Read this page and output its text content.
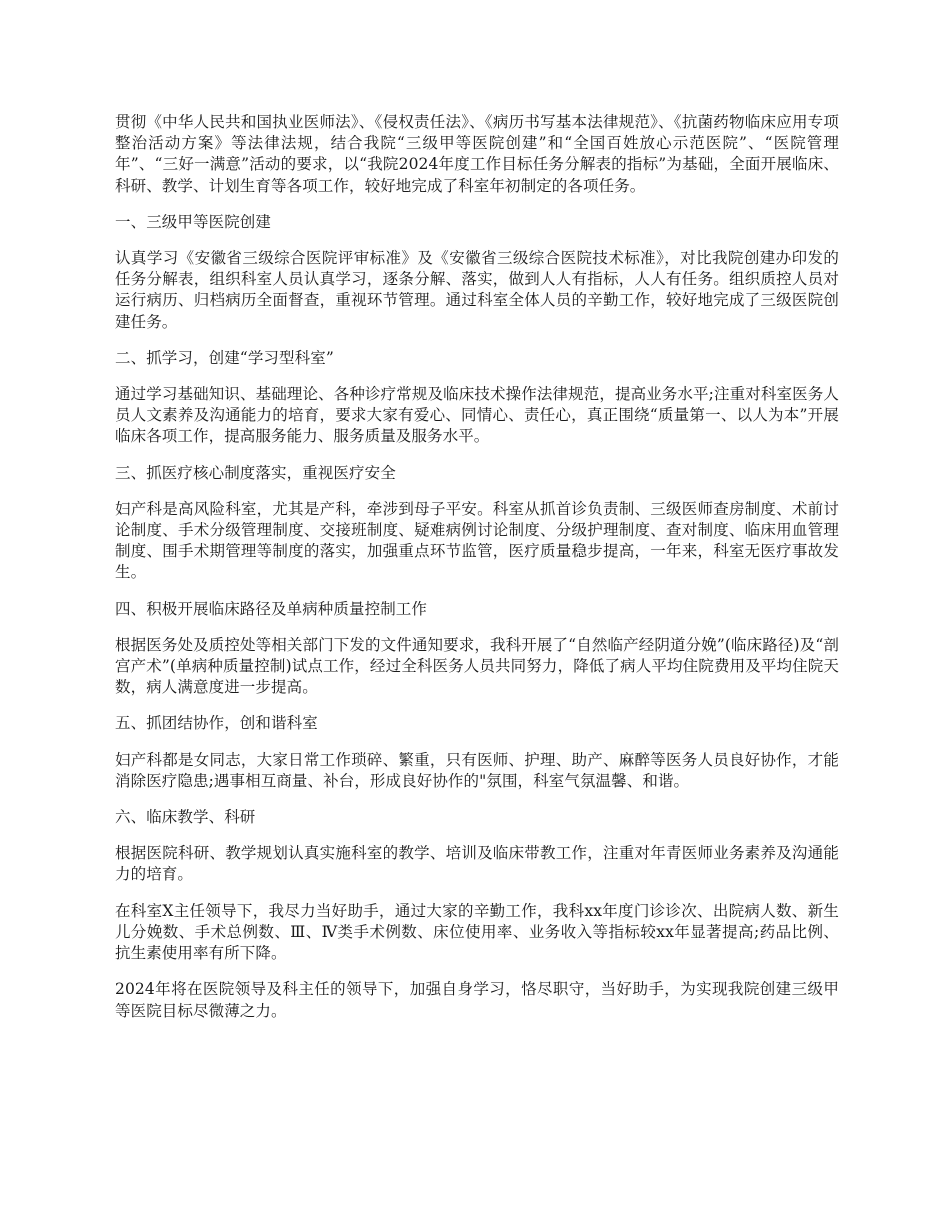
贯彻《中华人民共和国执业医师法》、《侵权责任法》、《病历书写基本法律规范》、《抗菌药物临床应用专项整治活动方案》等法律法规，结合我院“三级甲等医院创建”和“全国百姓放心示范医院”、“医院管理年”、“三好一满意”活动的要求，以“我院2024年度工作目标任务分解表的指标”为基础，全面开展临床、科研、教学、计划生育等各项工作，较好地完成了科室年初制定的各项任务。

一、三级甲等医院创建

认真学习《安徽省三级综合医院评审标准》及《安徽省三级综合医院技术标准》，对比我院创建办印发的任务分解表，组织科室人员认真学习，逐条分解、落实，做到人人有指标，人人有任务。组织质控人员对运行病历、归档病历全面督查，重视环节管理。通过科室全体人员的辛勤工作，较好地完成了三级医院创建任务。

二、抓学习，创建“学习型科室”

通过学习基础知识、基础理论、各种诊疗常规及临床技术操作法律规范，提高业务水平;注重对科室医务人员人文素养及沟通能力的培育，要求大家有爱心、同情心、责任心，真正围绕“质量第一、以人为本”开展临床各项工作，提高服务能力、服务质量及服务水平。

三、抓医疗核心制度落实，重视医疗安全

妇产科是高风险科室，尤其是产科，牵涉到母子平安。科室从抓首诊负责制、三级医师查房制度、术前讨论制度、手术分级管理制度、交接班制度、疑难病例讨论制度、分级护理制度、查对制度、临床用血管理制度、围手术期管理等制度的落实，加强重点环节监管，医疗质量稳步提高，一年来，科室无医疗事故发生。

四、积极开展临床路径及单病种质量控制工作

根据医务处及质控处等相关部门下发的文件通知要求，我科开展了“自然临产经阴道分娩”(临床路径)及“剖宫产术”(单病种质量控制)试点工作，经过全科医务人员共同努力，降低了病人平均住院费用及平均住院天数，病人满意度进一步提高。

五、抓团结协作，创和谐科室

妇产科都是女同志，大家日常工作琐碎、繁重，只有医师、护理、助产、麻醉等医务人员良好协作，才能消除医疗隐患;遇事相互商量、补台，形成良好协作的"氛围，科室气氛温馨、和谐。

六、临床教学、科研

根据医院科研、教学规划认真实施科室的教学、培训及临床带教工作，注重对年青医师业务素养及沟通能力的培育。

在科室X主任领导下，我尽力当好助手，通过大家的辛勤工作，我科xx年度门诊诊次、出院病人数、新生儿分娩数、手术总例数、Ⅲ、Ⅳ类手术例数、床位使用率、业务收入等指标较xx年显著提高;药品比例、抗生素使用率有所下降。

2024年将在医院领导及科主任的领导下，加强自身学习，恪尽职守，当好助手，为实现我院创建三级甲等医院目标尽微薄之力。
